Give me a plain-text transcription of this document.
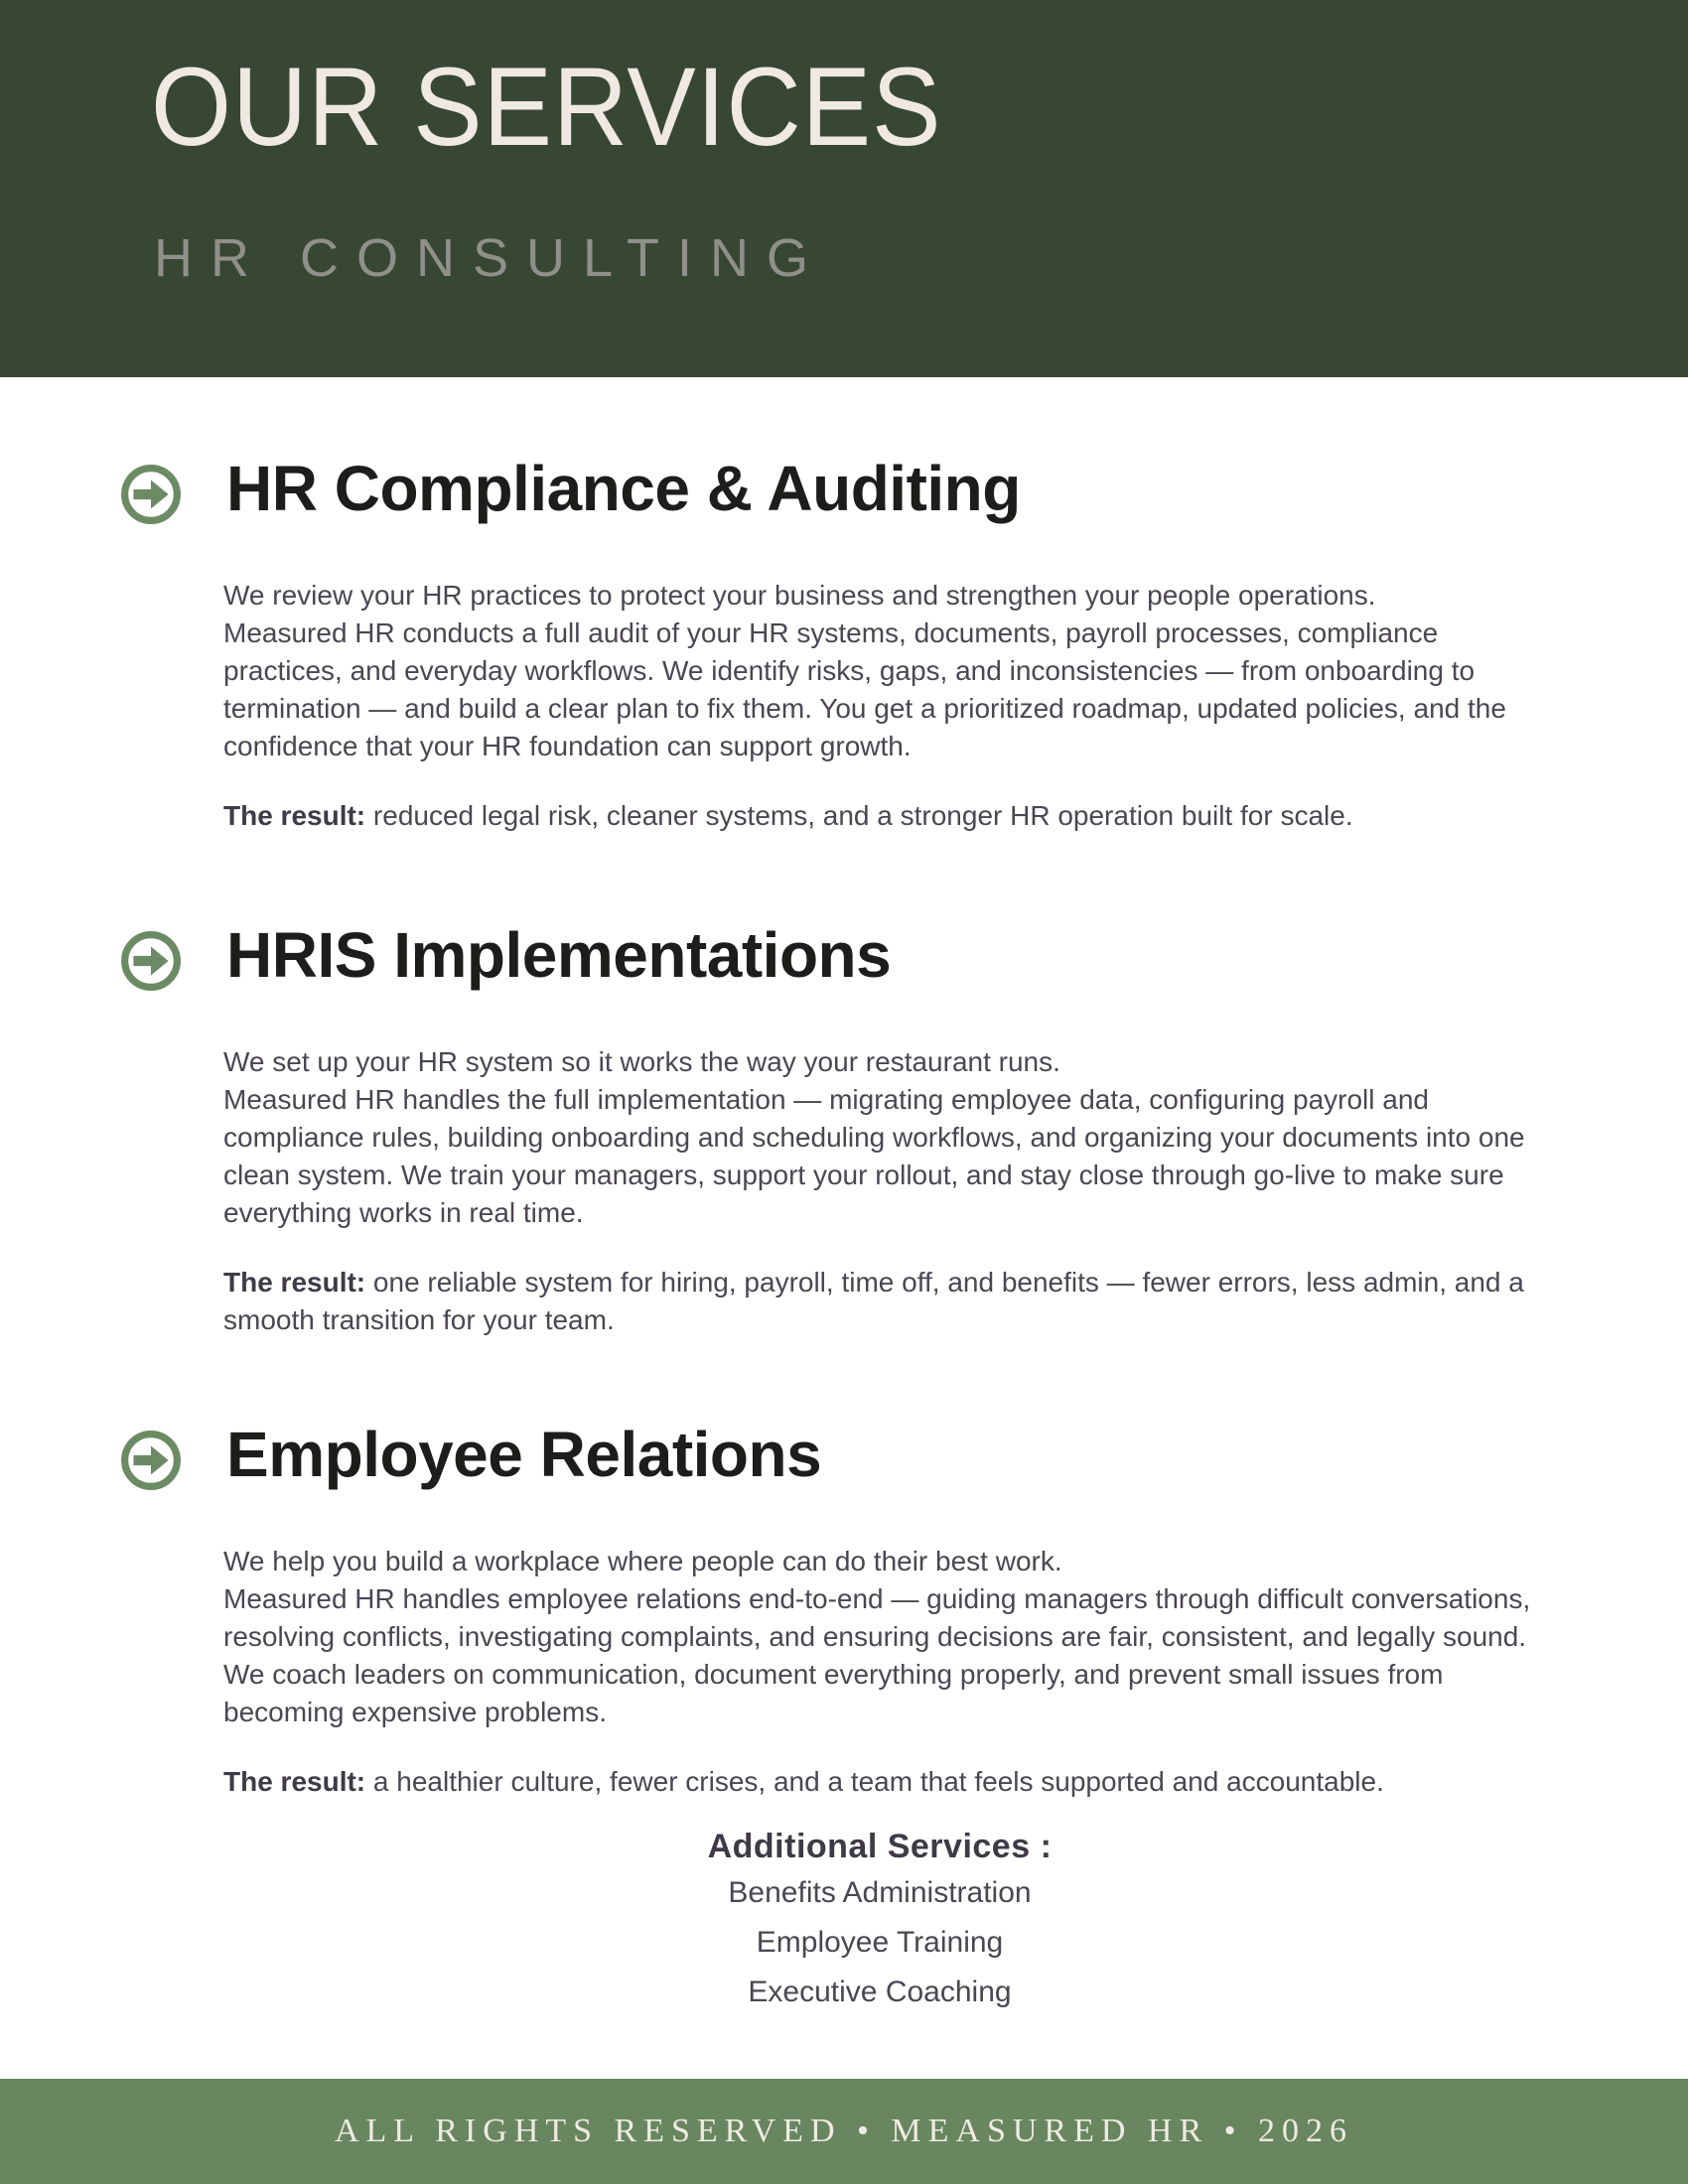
OUR SERVICES
HR CONSULTING
HR Compliance & Auditing

We review your HR practices to protect your business and strengthen your people operations.
Measured HR conducts a full audit of your HR systems, documents, payroll processes, compliance practices, and everyday workflows. We identify risks, gaps, and inconsistencies — from onboarding to termination — and build a clear plan to fix them. You get a prioritized roadmap, updated policies, and the confidence that your HR foundation can support growth.

The result: reduced legal risk, cleaner systems, and a stronger HR operation built for scale.

HRIS Implementations

We set up your HR system so it works the way your restaurant runs.
Measured HR handles the full implementation — migrating employee data, configuring payroll and compliance rules, building onboarding and scheduling workflows, and organizing your documents into one clean system. We train your managers, support your rollout, and stay close through go-live to make sure everything works in real time.

The result: one reliable system for hiring, payroll, time off, and benefits — fewer errors, less admin, and a smooth transition for your team.

Employee Relations

We help you build a workplace where people can do their best work.
Measured HR handles employee relations end-to-end — guiding managers through difficult conversations, resolving conflicts, investigating complaints, and ensuring decisions are fair, consistent, and legally sound. We coach leaders on communication, document everything properly, and prevent small issues from becoming expensive problems.

The result: a healthier culture, fewer crises, and a team that feels supported and accountable.

Additional Services :
Benefits Administration
Employee Training
Executive Coaching
ALL RIGHTS RESERVED • MEASURED HR • 2026
